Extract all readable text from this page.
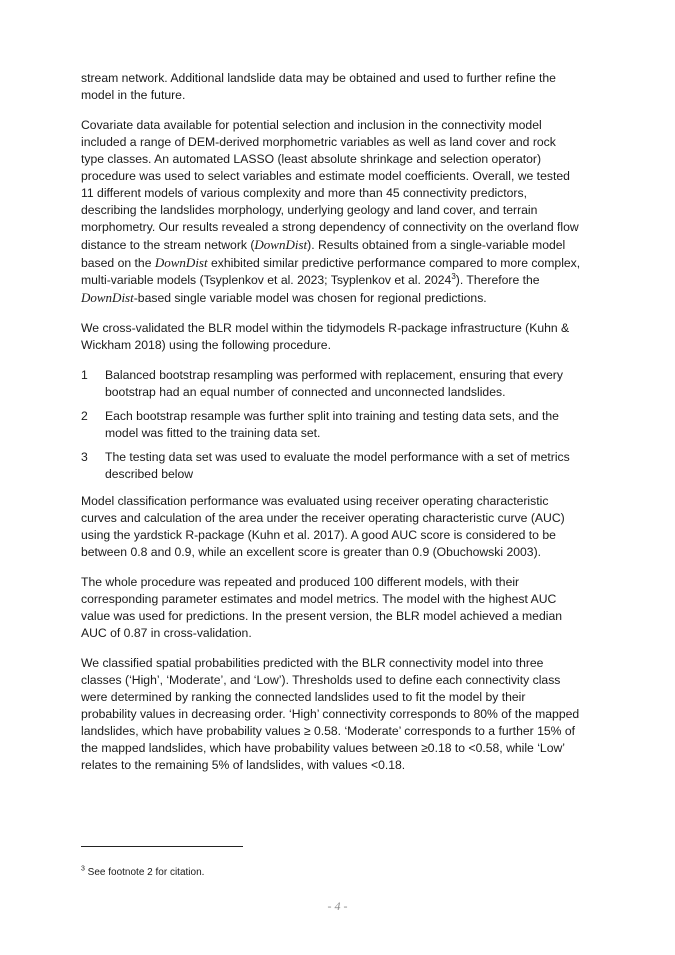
stream network. Additional landslide data may be obtained and used to further refine the model in the future.

Covariate data available for potential selection and inclusion in the connectivity model included a range of DEM-derived morphometric variables as well as land cover and rock type classes. An automated LASSO (least absolute shrinkage and selection operator) procedure was used to select variables and estimate model coefficients. Overall, we tested 11 different models of various complexity and more than 45 connectivity predictors, describing the landslides morphology, underlying geology and land cover, and terrain morphometry. Our results revealed a strong dependency of connectivity on the overland flow distance to the stream network (DownDist). Results obtained from a single-variable model based on the DownDist exhibited similar predictive performance compared to more complex, multi-variable models (Tsyplenkov et al. 2023; Tsyplenkov et al. 2024$^3$). Therefore the DownDist-based single variable model was chosen for regional predictions.

We cross-validated the BLR model within the tidymodels R-package infrastructure (Kuhn & Wickham 2018) using the following procedure.

1	Balanced bootstrap resampling was performed with replacement, ensuring that every bootstrap had an equal number of connected and unconnected landslides.
2	Each bootstrap resample was further split into training and testing data sets, and the model was fitted to the training data set.
3	The testing data set was used to evaluate the model performance with a set of metrics described below

Model classification performance was evaluated using receiver operating characteristic curves and calculation of the area under the receiver operating characteristic curve (AUC) using the yardstick R-package (Kuhn et al. 2017). A good AUC score is considered to be between 0.8 and 0.9, while an excellent score is greater than 0.9 (Obuchowski 2003).

The whole procedure was repeated and produced 100 different models, with their corresponding parameter estimates and model metrics. The model with the highest AUC value was used for predictions. In the present version, the BLR model achieved a median AUC of 0.87 in cross-validation.

We classified spatial probabilities predicted with the BLR connectivity model into three classes (‘High’, ‘Moderate’, and ‘Low’). Thresholds used to define each connectivity class were determined by ranking the connected landslides used to fit the model by their probability values in decreasing order. ‘High’ connectivity corresponds to 80% of the mapped landslides, which have probability values ≥ 0.58. ‘Moderate’ corresponds to a further 15% of the mapped landslides, which have probability values between ≥0.18 to <0.58, while ‘Low’ relates to the remaining 5% of landslides, with values <0.18.

$^3$ See footnote 2 for citation.
- 4 -
